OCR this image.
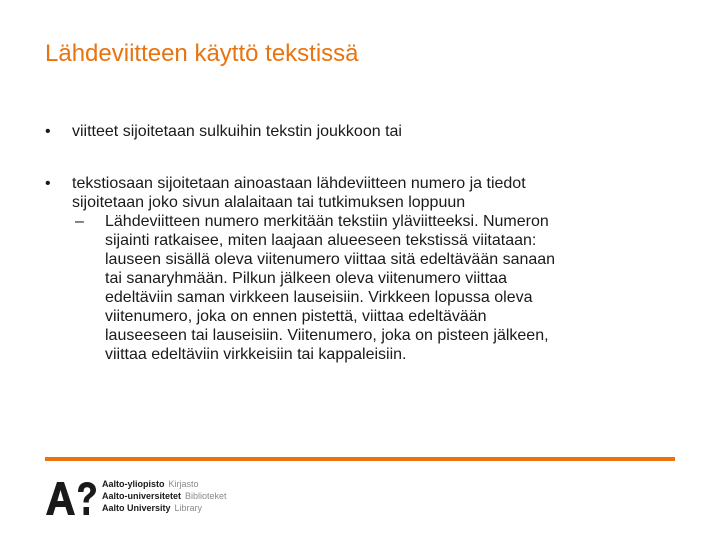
Lähdeviitteen käyttö tekstissä
• viitteet sijoitetaan sulkuihin tekstin joukkoon tai
• tekstiosaan sijoitetaan ainoastaan lähdeviitteen numero ja tiedot
sijoitetaan joko sivun alalaitaan tai tutkimuksen loppuun
– Lähdeviitteen numero merkitään tekstiin yläviitteeksi. Numeron
sijainti ratkaisee, miten laajaan alueeseen tekstissä viitataan:
lauseen sisällä oleva viitenumero viittaa sitä edeltävään sanaan
tai sanaryhmään. Pilkun jälkeen oleva viitenumero viittaa
edeltäviin saman virkkeen lauseisiin. Virkkeen lopussa oleva
viitenumero, joka on ennen pistettä, viittaa edeltävään
lauseeseen tai lauseisiin. Viitenumero, joka on pisteen jälkeen,
viittaa edeltäviin virkkeisiin tai kappaleisiin.
Aalto-yliopisto Kirjasto
Aalto-universitetet Biblioteket
Aalto University Library
